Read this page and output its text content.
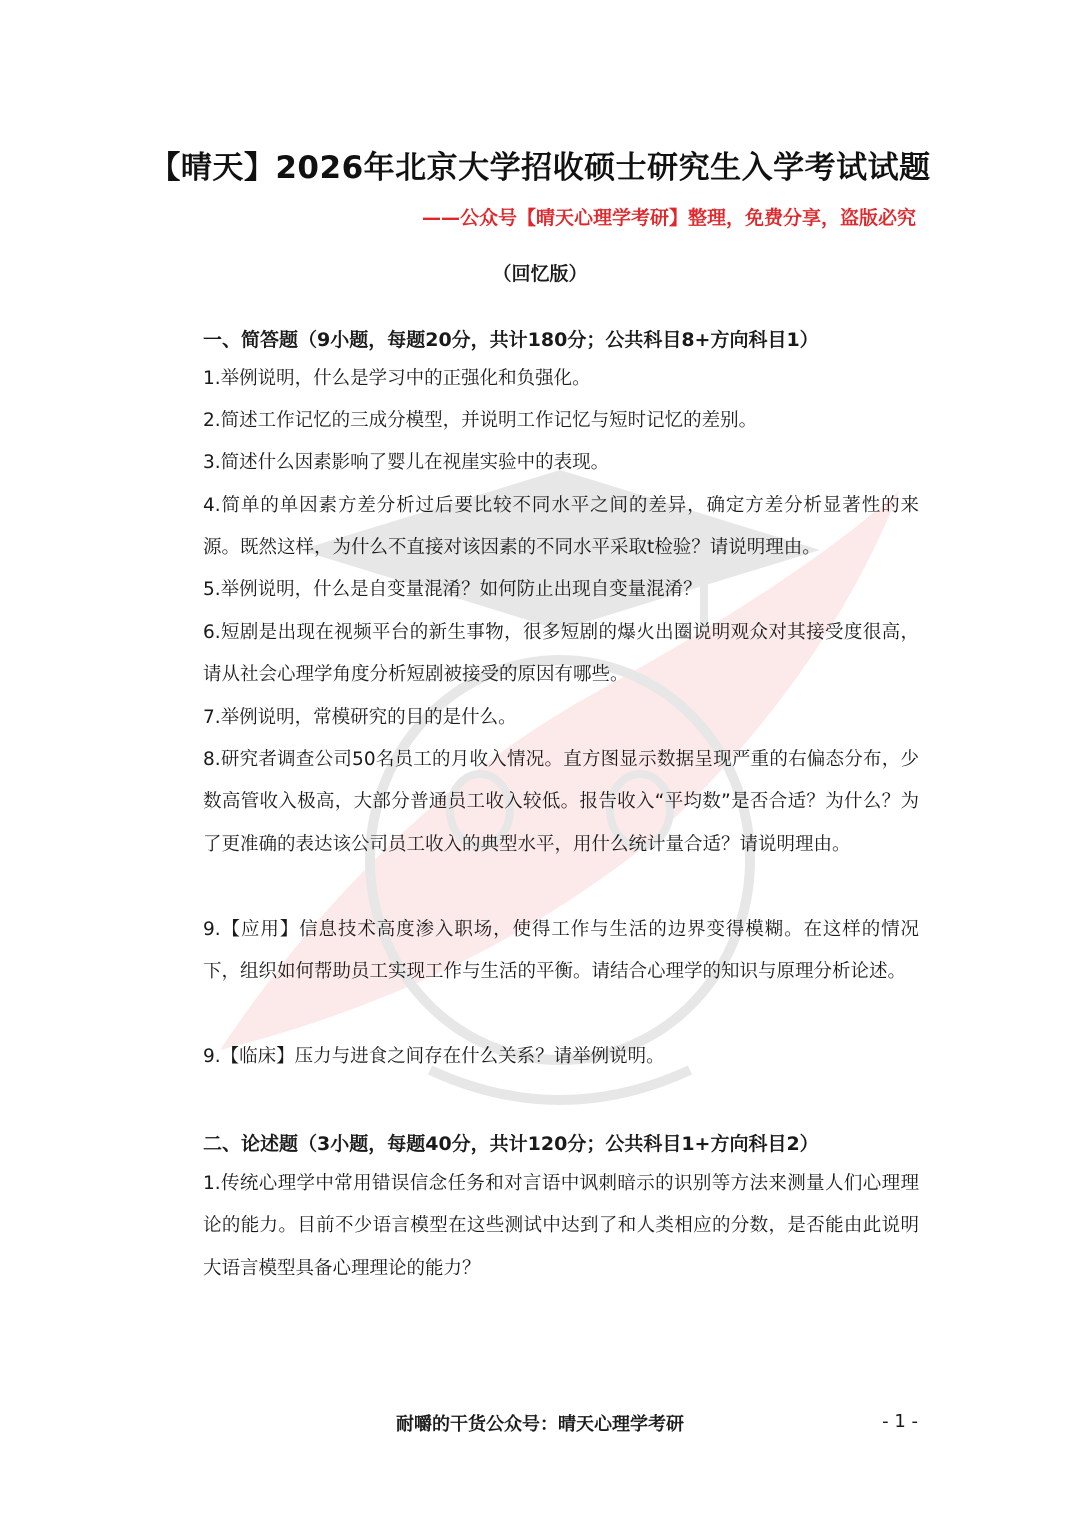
【晴天】2026年北京大学招收硕士研究生入学考试试题
——公众号【晴天心理学考研】整理，免费分享，盗版必究
（回忆版）
一、简答题（9小题，每题20分，共计180分；公共科目8+方向科目1）
1.举例说明，什么是学习中的正强化和负强化。
2.简述工作记忆的三成分模型，并说明工作记忆与短时记忆的差别。
3.简述什么因素影响了婴儿在视崖实验中的表现。
4.简单的单因素方差分析过后要比较不同水平之间的差异，确定方差分析显著性的来源。既然这样，为什么不直接对该因素的不同水平采取t检验？请说明理由。
5.举例说明，什么是自变量混淆？如何防止出现自变量混淆？
6.短剧是出现在视频平台的新生事物，很多短剧的爆火出圈说明观众对其接受度很高，请从社会心理学角度分析短剧被接受的原因有哪些。
7.举例说明，常模研究的目的是什么。
8.研究者调查公司50名员工的月收入情况。直方图显示数据呈现严重的右偏态分布，少数高管收入极高，大部分普通员工收入较低。报告收入“平均数”是否合适？为什么？为了更准确的表达该公司员工收入的典型水平，用什么统计量合适？请说明理由。
9.【应用】信息技术高度渗入职场，使得工作与生活的边界变得模糊。在这样的情况下，组织如何帮助员工实现工作与生活的平衡。请结合心理学的知识与原理分析论述。
9.【临床】压力与进食之间存在什么关系？请举例说明。
二、论述题（3小题，每题40分，共计120分；公共科目1+方向科目2）
1.传统心理学中常用错误信念任务和对言语中讽刺暗示的识别等方法来测量人们心理理论的能力。目前不少语言模型在这些测试中达到了和人类相应的分数，是否能由此说明大语言模型具备心理理论的能力？
耐嚼的干货公众号：晴天心理学考研	- 1 -
